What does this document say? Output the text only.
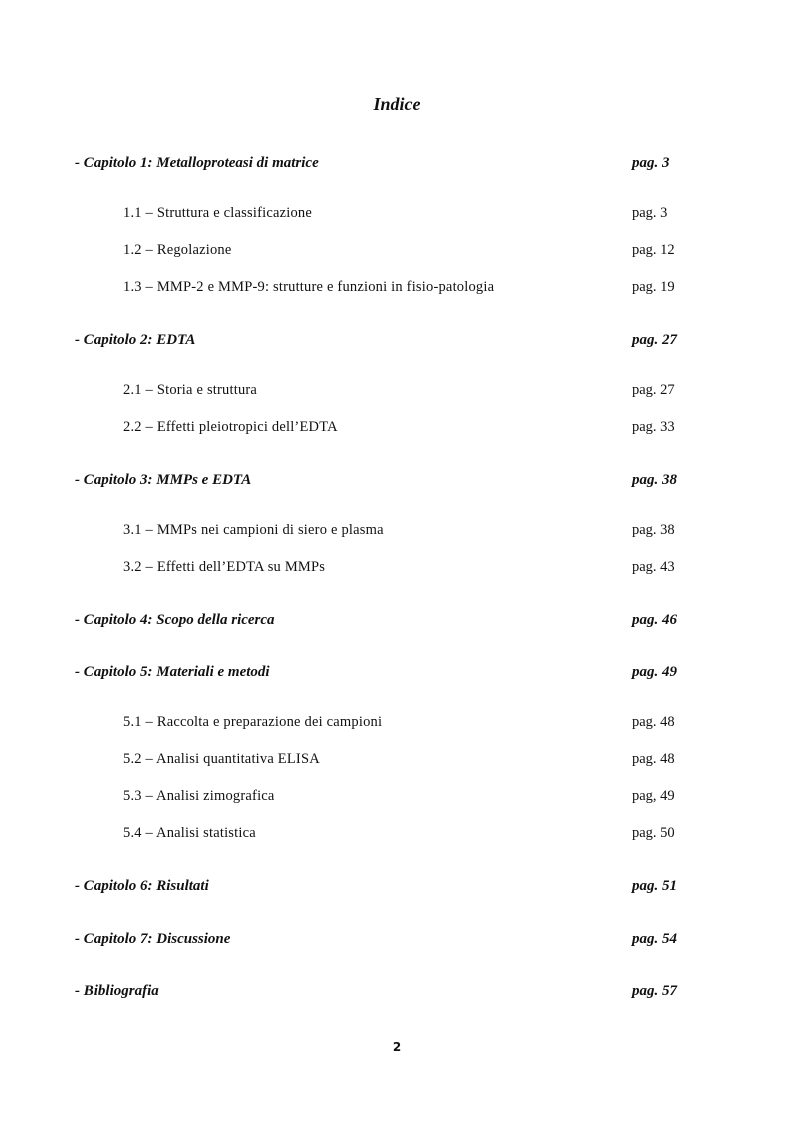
Indice
- Capitolo 1: Metalloproteasi di matrice	pag. 3
1.1 – Struttura e classificazione	pag. 3
1.2 – Regolazione	pag. 12
1.3 – MMP-2 e MMP-9: strutture e funzioni in fisio-patologia	pag. 19
- Capitolo 2: EDTA	pag. 27
2.1 – Storia e struttura	pag. 27
2.2 – Effetti pleiotropici dell’EDTA	pag. 33
- Capitolo 3: MMPs e EDTA	pag. 38
3.1 – MMPs nei campioni di siero e plasma	pag. 38
3.2 – Effetti dell’EDTA su MMPs	pag. 43
- Capitolo 4: Scopo della ricerca	pag. 46
- Capitolo 5: Materiali e metodi	pag. 49
5.1 – Raccolta e preparazione dei campioni	pag. 48
5.2 – Analisi quantitativa ELISA	pag. 48
5.3 – Analisi zimografica	pag, 49
5.4 – Analisi statistica	pag. 50
- Capitolo 6: Risultati	pag. 51
- Capitolo 7: Discussione	pag. 54
- Bibliografia	pag. 57
2
